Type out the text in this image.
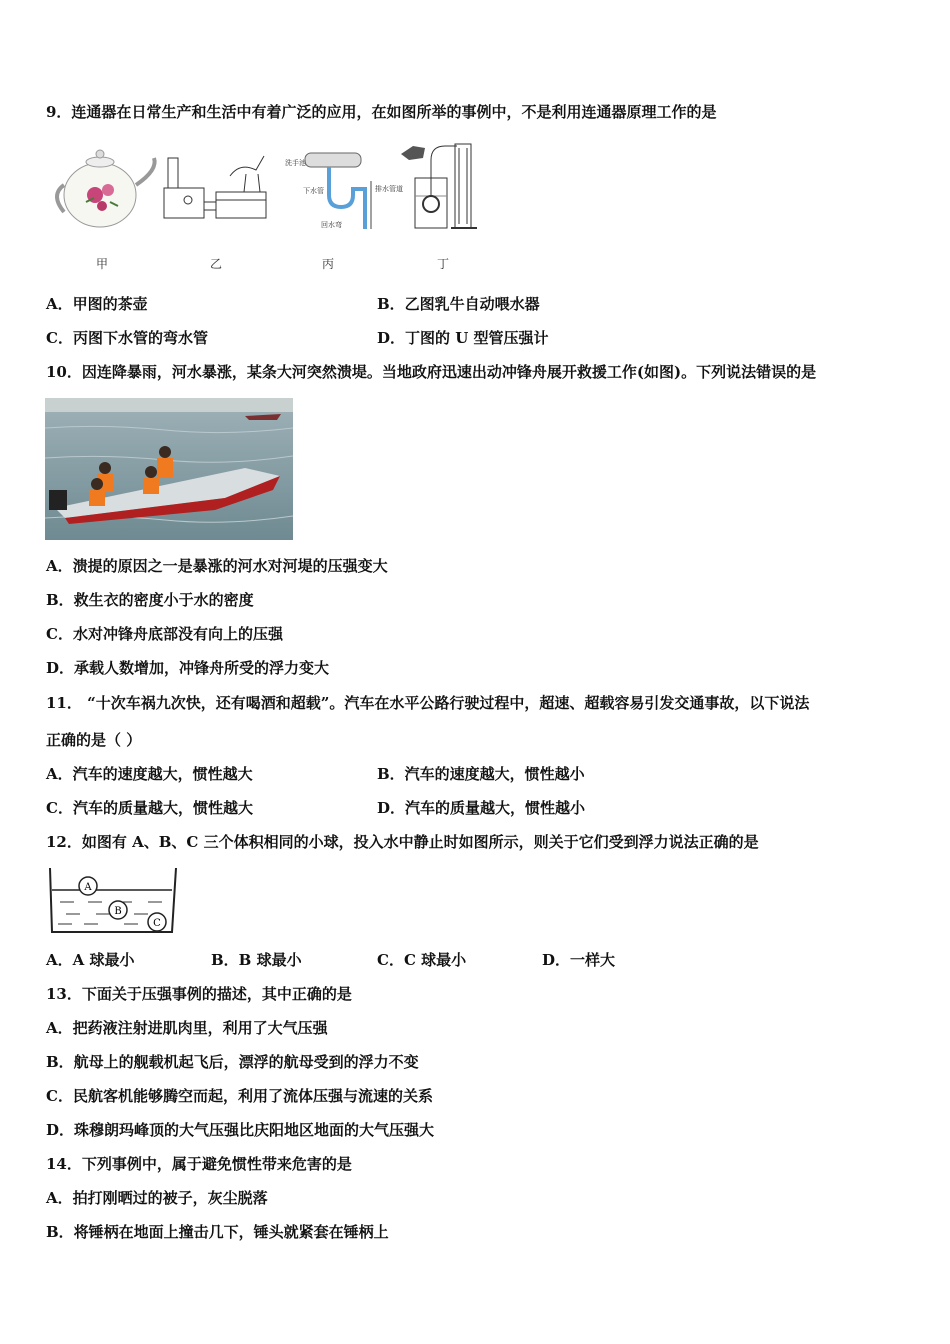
9．连通器在日常生产和生活中有着广泛的应用，在如图所举的事例中，不是利用连通器原理工作的是
洗手池
下水管
回水弯
排水管道
甲	乙	丙	丁
A．甲图的茶壶	B．乙图乳牛自动喂水器
C．丙图下水管的弯水管	D．丁图的 U 型管压强计
10．因连降暴雨，河水暴涨，某条大河突然溃堤。当地政府迅速出动冲锋舟展开救援工作(如图)。下列说法错误的是
A．溃提的原因之一是暴涨的河水对河堤的压强变大
B．救生衣的密度小于水的密度
C．水对冲锋舟底部没有向上的压强
D．承载人数增加，冲锋舟所受的浮力变大
11． “十次车祸九次快，还有喝酒和超载”。汽车在水平公路行驶过程中，超速、超载容易引发交通事故，以下说法
正确的是（ ）
A．汽车的速度越大，惯性越大	B．汽车的速度越大，惯性越小
C．汽车的质量越大，惯性越大	D．汽车的质量越大，惯性越小
12．如图有 A、B、C 三个体积相同的小球，投入水中静止时如图所示，则关于它们受到浮力说法正确的是
A
B
C
A．A 球最小	B．B 球最小	C．C 球最小	D．一样大
13．下面关于压强事例的描述，其中正确的是
A．把药液注射进肌肉里，利用了大气压强
B．航母上的舰载机起飞后，漂浮的航母受到的浮力不变
C．民航客机能够腾空而起，利用了流体压强与流速的关系
D．珠穆朗玛峰顶的大气压强比庆阳地区地面的大气压强大
14．下列事例中，属于避免惯性带来危害的是
A．拍打刚晒过的被子，灰尘脱落
B．将锤柄在地面上撞击几下，锤头就紧套在锤柄上
